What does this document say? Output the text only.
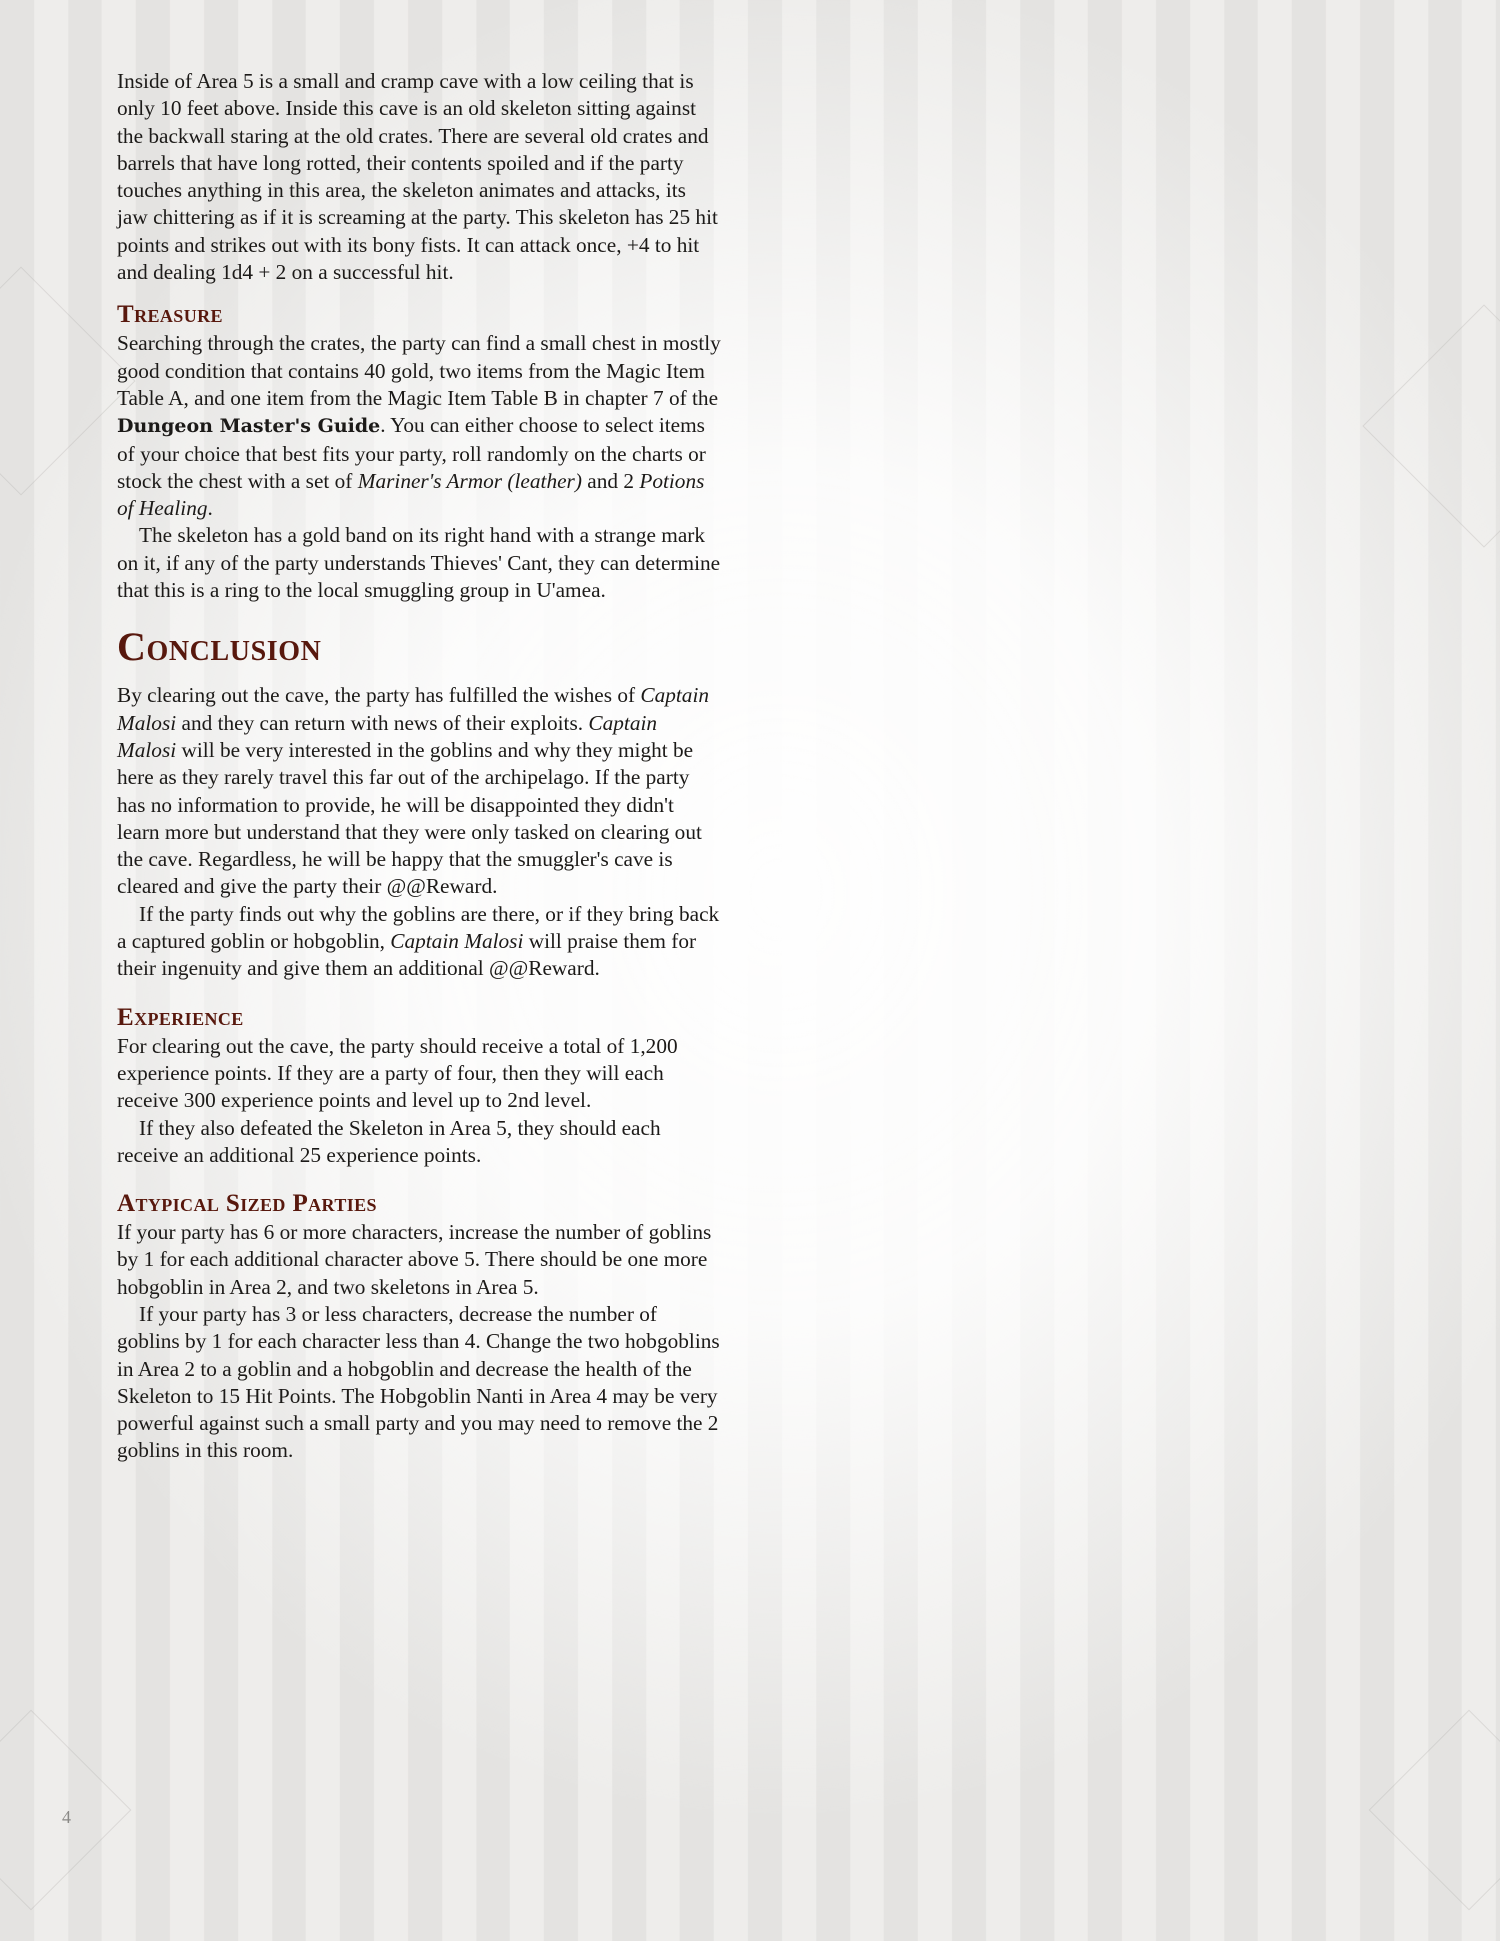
Inside of Area 5 is a small and cramp cave with a low ceiling that is only 10 feet above. Inside this cave is an old skeleton sitting against the backwall staring at the old crates. There are several old crates and barrels that have long rotted, their contents spoiled and if the party touches anything in this area, the skeleton animates and attacks, its jaw chittering as if it is screaming at the party. This skeleton has 25 hit points and strikes out with its bony fists. It can attack once, +4 to hit and dealing 1d4 + 2 on a successful hit.

Treasure

Searching through the crates, the party can find a small chest in mostly good condition that contains 40 gold, two items from the Magic Item Table A, and one item from the Magic Item Table B in chapter 7 of the Dungeon Master's Guide. You can either choose to select items of your choice that best fits your party, roll randomly on the charts or stock the chest with a set of Mariner's Armor (leather) and 2 Potions of Healing.

The skeleton has a gold band on its right hand with a strange mark on it, if any of the party understands Thieves' Cant, they can determine that this is a ring to the local smuggling group in U'amea.

Conclusion

By clearing out the cave, the party has fulfilled the wishes of Captain Malosi and they can return with news of their exploits. Captain Malosi will be very interested in the goblins and why they might be here as they rarely travel this far out of the archipelago. If the party has no information to provide, he will be disappointed they didn't learn more but understand that they were only tasked on clearing out the cave. Regardless, he will be happy that the smuggler's cave is cleared and give the party their @@Reward.

If the party finds out why the goblins are there, or if they bring back a captured goblin or hobgoblin, Captain Malosi will praise them for their ingenuity and give them an additional @@Reward.

Experience

For clearing out the cave, the party should receive a total of 1,200 experience points. If they are a party of four, then they will each receive 300 experience points and level up to 2nd level.

If they also defeated the Skeleton in Area 5, they should each receive an additional 25 experience points.

Atypical Sized Parties

If your party has 6 or more characters, increase the number of goblins by 1 for each additional character above 5. There should be one more hobgoblin in Area 2, and two skeletons in Area 5.

If your party has 3 or less characters, decrease the number of goblins by 1 for each character less than 4. Change the two hobgoblins in Area 2 to a goblin and a hobgoblin and decrease the health of the Skeleton to 15 Hit Points. The Hobgoblin Nanti in Area 4 may be very powerful against such a small party and you may need to remove the 2 goblins in this room.

4
